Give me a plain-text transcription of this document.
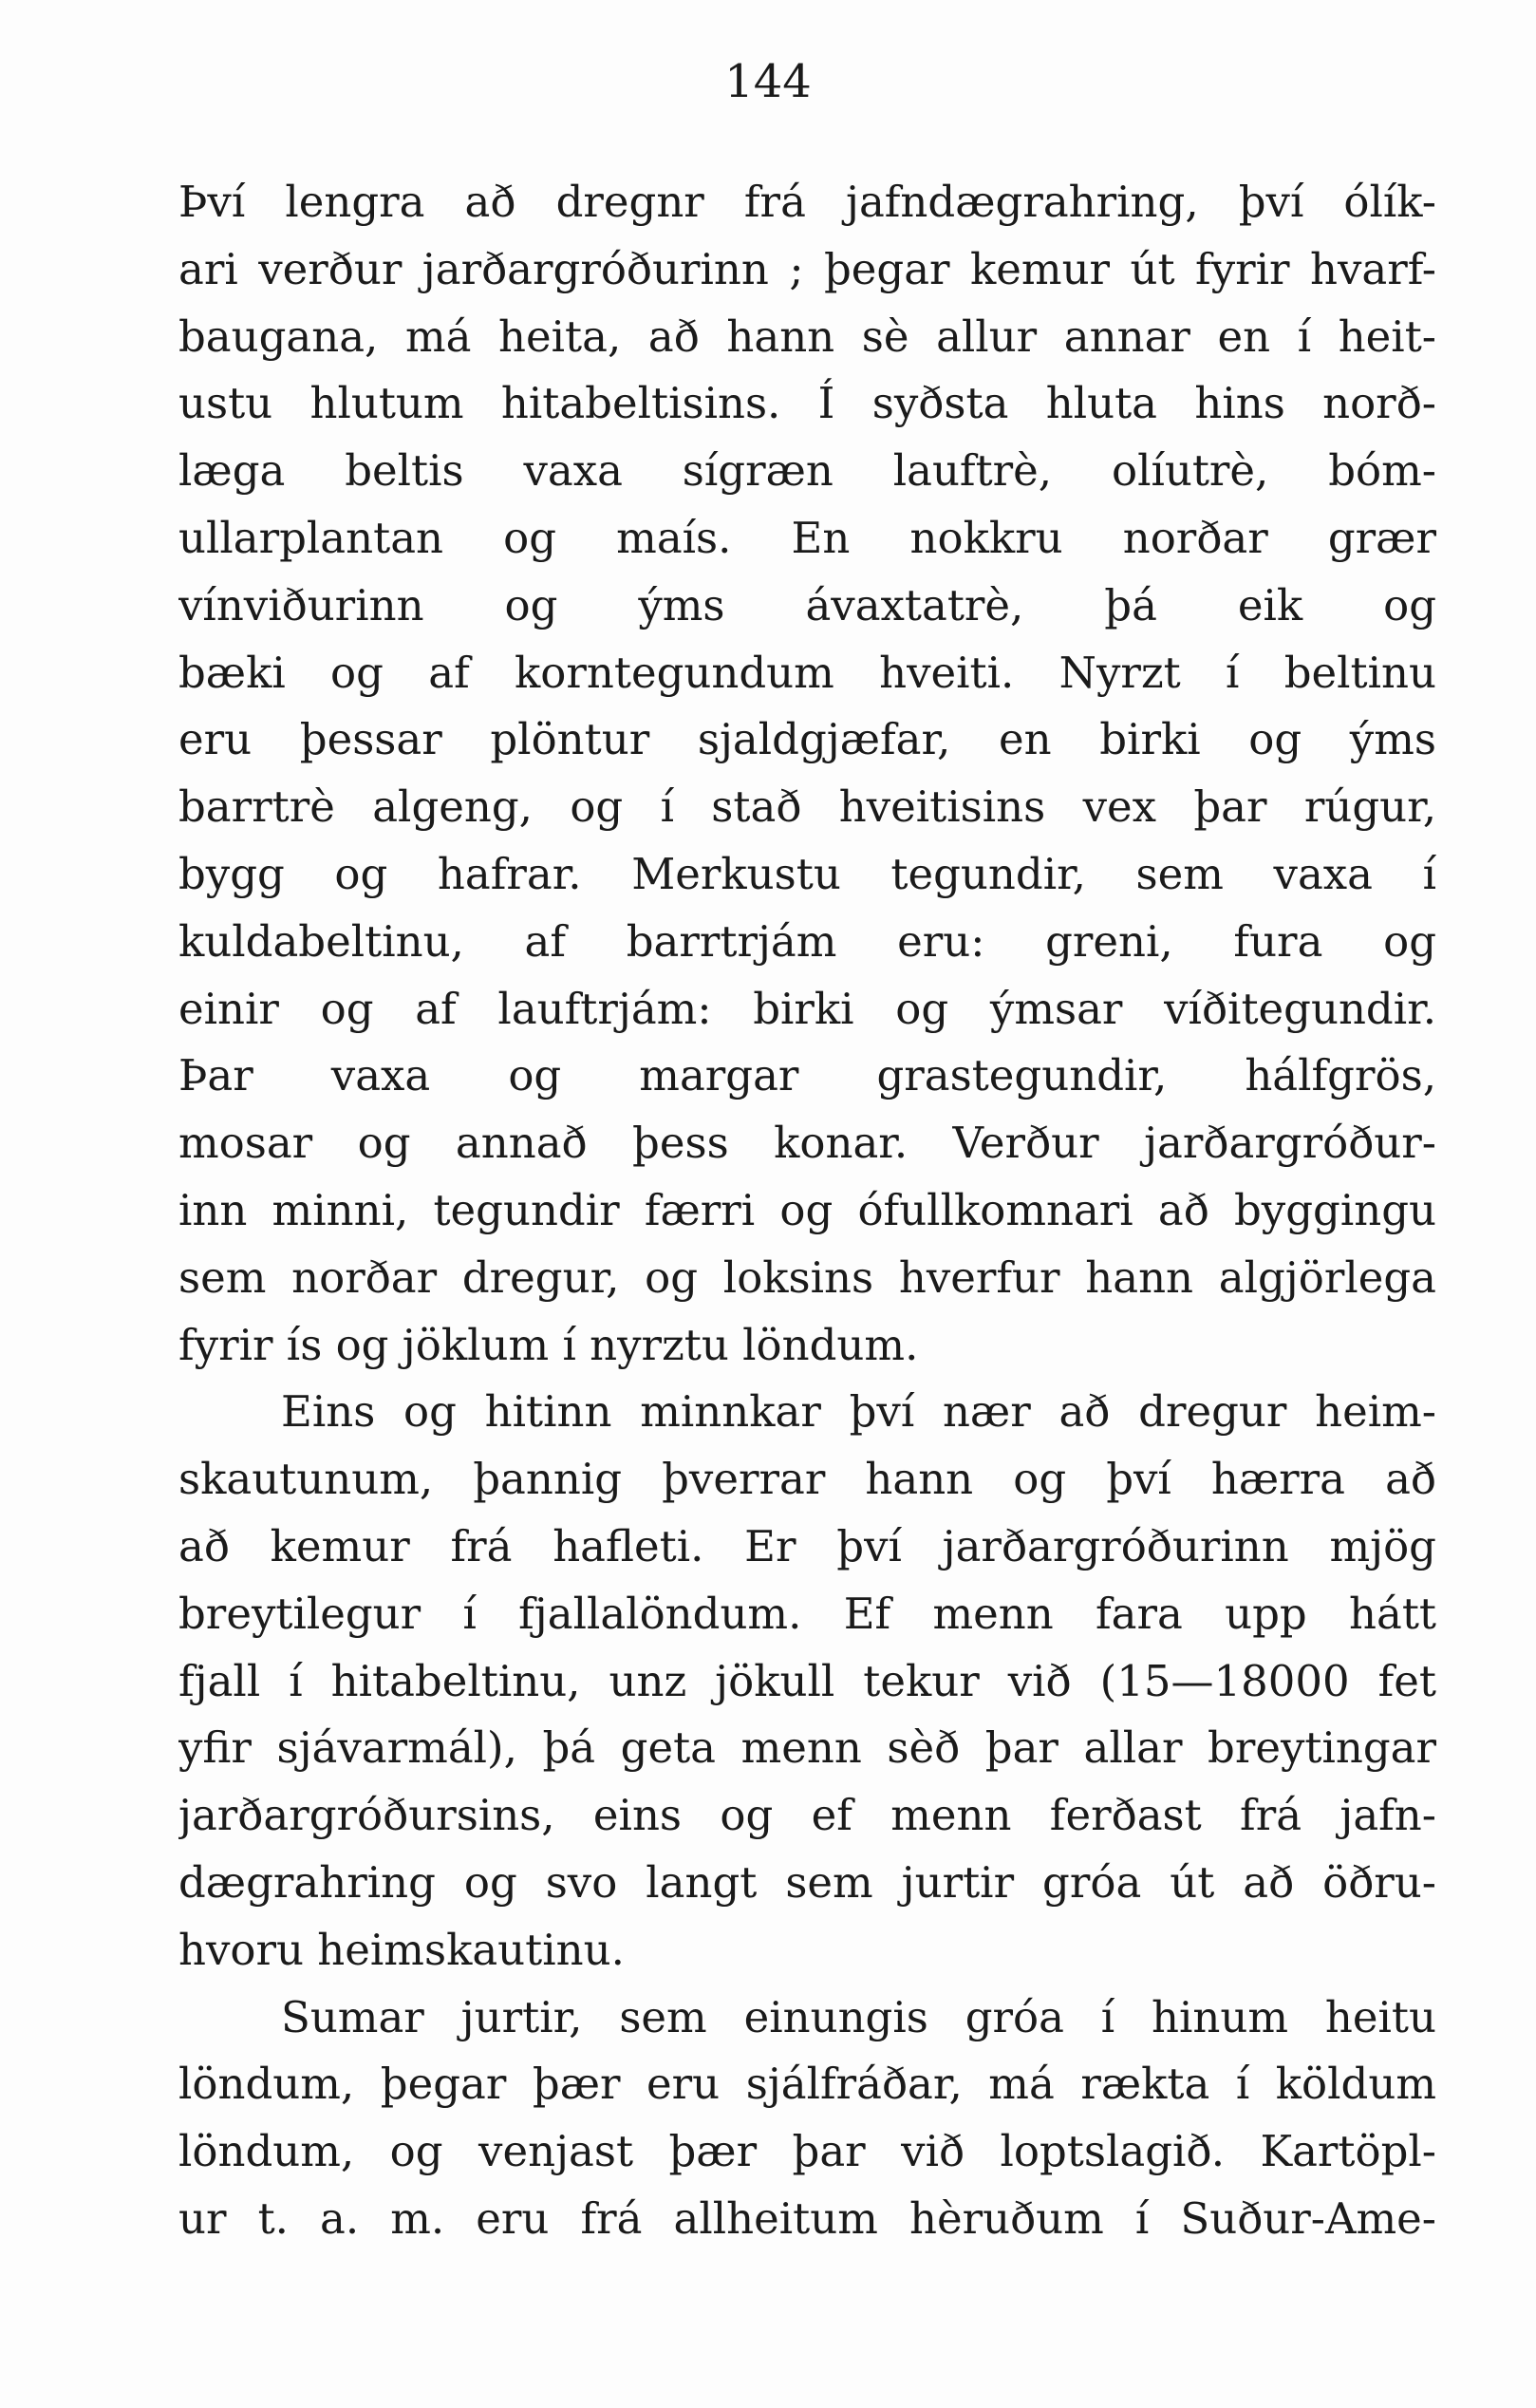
144
Því lengra að dregnr frá jafndægrahring, því ólík-
ari verður jarðargróðurinn ; þegar kemur út fyrir hvarf-
baugana, má heita, að hann sè allur annar en í heit-
ustu hlutum hitabeltisins. Í syðsta hluta hins norð-
læga beltis vaxa sígræn lauftrè, olíutrè, bóm-
ullarplantan og maís. En nokkru norðar grær
vínviðurinn og ýms ávaxtatrè, þá eik og
bæki og af korntegundum hveiti. Nyrzt í beltinu
eru þessar plöntur sjaldgjæfar, en birki og ýms
barrtrè algeng, og í stað hveitisins vex þar rúgur,
bygg og hafrar. Merkustu tegundir, sem vaxa í
kuldabeltinu, af barrtrjám eru: greni, fura og
einir og af lauftrjám: birki og ýmsar víðitegundir.
Þar vaxa og margar grastegundir, hálfgrös,
mosar og annað þess konar. Verður jarðargróður-
inn minni, tegundir færri og ófullkomnari að byggingu
sem norðar dregur, og loksins hverfur hann algjörlega
fyrir ís og jöklum í nyrztu löndum.
Eins og hitinn minnkar því nær að dregur heim-
skautunum, þannig þverrar hann og því hærra að
að kemur frá hafleti. Er því jarðargróðurinn mjög
breytilegur í fjallalöndum. Ef menn fara upp hátt
fjall í hitabeltinu, unz jökull tekur við (15—18000 fet
yfir sjávarmál), þá geta menn sèð þar allar breytingar
jarðargróðursins, eins og ef menn ferðast frá jafn-
dægrahring og svo langt sem jurtir gróa út að öðru-
hvoru heimskautinu.
Sumar jurtir, sem einungis gróa í hinum heitu
löndum, þegar þær eru sjálfráðar, má rækta í köldum
löndum, og venjast þær þar við loptslagið. Kartöpl-
ur t. a. m. eru frá allheitum hèruðum í Suður-Ame-
